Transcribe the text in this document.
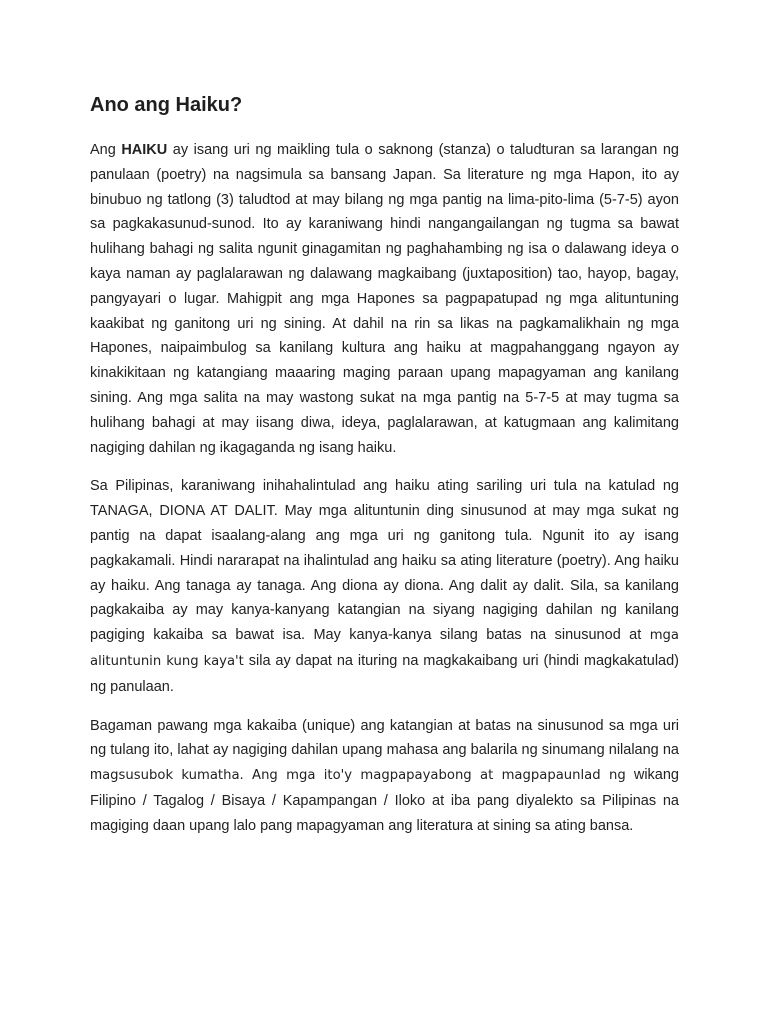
Ano ang Haiku?

Ang HAIKU ay isang uri ng maikling tula o saknong (stanza) o taludturan sa larangan ng panulaan (poetry) na nagsimula sa bansang Japan. Sa literature ng mga Hapon, ito ay binubuo ng tatlong (3) taludtod at may bilang ng mga pantig na lima-pito-lima (5-7-5) ayon sa pagkakasunud-sunod. Ito ay karaniwang hindi nangangailangan ng tugma sa bawat hulihang bahagi ng salita ngunit ginagamitan ng paghahambing ng isa o dalawang ideya o kaya naman ay paglalarawan ng dalawang magkaibang (juxtaposition) tao, hayop, bagay, pangyayari o lugar. Mahigpit ang mga Hapones sa pagpapatupad ng mga alituntuning kaakibat ng ganitong uri ng sining. At dahil na rin sa likas na pagkamalikhain ng mga Hapones, naipaimbulog sa kanilang kultura ang haiku at magpahanggang ngayon ay kinakikitaan ng katangiang maaaring maging paraan upang mapagyaman ang kanilang sining. Ang mga salita na may wastong sukat na mga pantig na 5-7-5 at may tugma sa hulihang bahagi at may iisang diwa, ideya, paglalarawan, at katugmaan ang kalimitang nagiging dahilan ng ikagaganda ng isang haiku.

Sa Pilipinas, karaniwang inihahalintulad ang haiku ating sariling uri tula na katulad ng TANAGA, DIONA AT DALIT. May mga alituntunin ding sinusunod at may mga sukat ng pantig na dapat isaalang-alang ang mga uri ng ganitong tula. Ngunit ito ay isang pagkakamali. Hindi nararapat na ihalintulad ang haiku sa ating literature (poetry). Ang haiku ay haiku. Ang tanaga ay tanaga. Ang diona ay diona. Ang dalit ay dalit. Sila, sa kanilang pagkakaiba ay may kanya-kanyang katangian na siyang nagiging dahilan ng kanilang pagiging kakaiba sa bawat isa. May kanya-kanya silang batas na sinusunod at mga alituntunin kung kaya't sila ay dapat na ituring na magkakaibang uri (hindi magkakatulad) ng panulaan.

Bagaman pawang mga kakaiba (unique) ang katangian at batas na sinusunod sa mga uri ng tulang ito, lahat ay nagiging dahilan upang mahasa ang balarila ng sinumang nilalang na magsusubok kumatha. Ang mga ito'y magpapayabong at magpapaunlad ng wikang Filipino / Tagalog / Bisaya / Kapampangan / Iloko at iba pang diyalekto sa Pilipinas na magiging daan upang lalo pang mapagyaman ang literatura at sining sa ating bansa.
